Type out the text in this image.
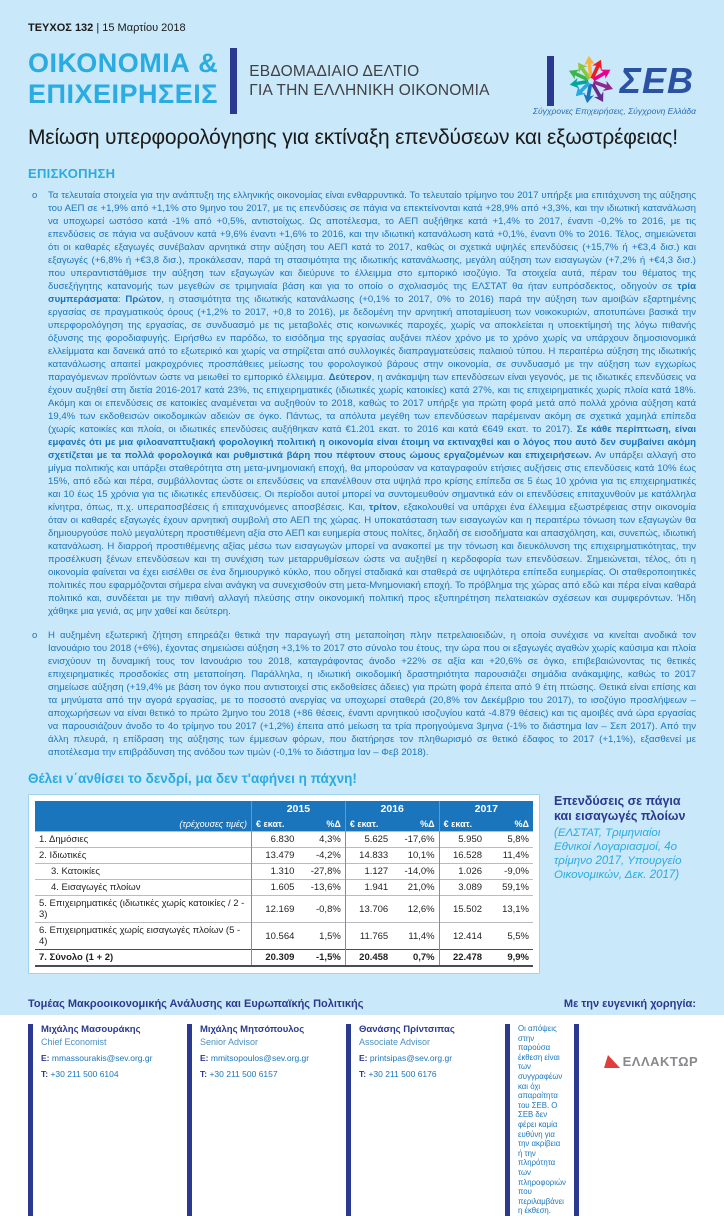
ΤΕΥΧΟΣ 132 | 15 Μαρτίου 2018
ΟΙΚΟΝΟΜΙΑ &
ΕΠΙΧΕΙΡΗΣΕΙΣ
ΕΒΔΟΜΑΔΙΑΙΟ ΔΕΛΤΙΟ
ΓΙΑ ΤΗΝ ΕΛΛΗΝΙΚΗ ΟΙΚΟΝΟΜΙΑ	ΣΕΒ
Σύγχρονες Επιχειρήσεις, Σύγχρονη Ελλάδα
Μείωση υπερφορολόγησης για εκτίναξη επενδύσεων και εξωστρέφειας!
ΕΠΙΣΚΟΠΗΣΗ
o	Τα τελευταία στοιχεία για την ανάπτυξη της ελληνικής οικονομίας είναι ενθαρρυντικά. Το τελευταίο τρίμηνο του 2017 υπήρξε μια επιτάχυνση της αύξησης του ΑΕΠ σε +1,9% από +1,1% στο 9μηνο του 2017, με τις επενδύσεις σε πάγια να επεκτείνονται κατά +28,9% από +3,3%, και την ιδιωτική κατανάλωση να υποχωρεί ωστόσο κατά -1% από +0,5%, αντιστοίχως. Ως αποτέλεσμα, το ΑΕΠ αυξήθηκε κατά +1,4% το 2017, έναντι -0,2% το 2016, με τις επενδύσεις σε πάγια να αυξάνουν κατά +9,6% έναντι +1,6% το 2016, και την ιδιωτική κατανάλωση κατά +0,1%, έναντι 0% το 2016. Τέλος, σημειώνεται ότι οι καθαρές εξαγωγές συνέβαλαν αρνητικά στην αύξηση του ΑΕΠ κατά το 2017, καθώς οι σχετικά υψηλές επενδύσεις (+15,7% ή +€3,4 δισ.) και εξαγωγές (+6,8% ή +€3,8 δισ.), προκάλεσαν, παρά τη στασιμότητα της ιδιωτικής κατανάλωσης, μεγάλη αύξηση των εισαγωγών (+7,2% ή +€4,3 δισ.) που υπεραντιστάθμισε την αύξηση των εξαγωγών και διεύρυνε το έλλειμμα στο εμπορικό ισοζύγιο. Τα στοιχεία αυτά, πέραν του θέματος της δυσεξήγητης κατανομής των μεγεθών σε τριμηνιαία βάση και για το οποίο ο σχολιασμός της ΕΛΣΤΑΤ θα ήταν ευπρόσδεκτος, οδηγούν σε τρία συμπεράσματα: Πρώτον, η στασιμότητα της ιδιωτικής κατανάλωσης (+0,1% το 2017, 0% το 2016) παρά την αύξηση των αμοιβών εξαρτημένης εργασίας σε πραγματικούς όρους (+1,2% το 2017, +0,8 το 2016), με δεδομένη την αρνητική αποταμίευση των νοικοκυριών, αποτυπώνει βασικά την υπερφορολόγηση της εργασίας, σε συνδυασμό με τις μεταβολές στις κοινωνικές παροχές, χωρίς να αποκλείεται η υποεκτίμησή της λόγω πιθανής όξυνσης της φοροδιαφυγής. Ειρήσθω εν παρόδω, το εισόδημα της εργασίας αυξάνει πλέον χρόνο με το χρόνο χωρίς να υπάρχουν δημοσιονομικά ελλείμματα και δανεικά από το εξωτερικό και χωρίς να στηρίζεται από συλλογικές διαπραγματεύσεις παλαιού τύπου. Η περαιτέρω αύξηση της ιδιωτικής κατανάλωσης απαιτεί μακροχρόνιες προσπάθειες μείωσης του φορολογικού βάρους στην οικονομία, σε συνδυασμό με την αύξηση των εγχωρίως παραγόμενων προϊόντων ώστε να μειωθεί το εμπορικό έλλειμμα. Δεύτερον, η ανάκαμψη των επενδύσεων είναι γεγονός, με τις ιδιωτικές επενδύσεις να έχουν αυξηθεί στη διετία 2016-2017 κατά 23%, τις επιχειρηματικές (ιδιωτικές χωρίς κατοικίες) κατά 27%, και τις επιχειρηματικές χωρίς πλοία κατά 18%. Ακόμη και οι επενδύσεις σε κατοικίες αναμένεται να αυξηθούν το 2018, καθώς το 2017 υπήρξε για πρώτη φορά μετά από πολλά χρόνια αύξηση κατά 19,4% των εκδοθεισών οικοδομικών αδειών σε όγκο. Πάντως, τα απόλυτα μεγέθη των επενδύσεων παρέμειναν ακόμη σε σχετικά χαμηλά επίπεδα (χωρίς κατοικίες και πλοία, οι ιδιωτικές επενδύσεις αυξήθηκαν κατά €1.201 εκατ. το 2016 και κατά €649 εκατ. το 2017). Σε κάθε περίπτωση, είναι εμφανές ότι με μια φιλοαναπτυξιακή φορολογική πολιτική η οικονομία είναι έτοιμη να εκτιναχθεί και ο λόγος που αυτό δεν συμβαίνει ακόμη σχετίζεται με τα πολλά φορολογικά και ρυθμιστικά βάρη που πέφτουν στους ώμους εργαζομένων και επιχειρήσεων. Αν υπάρξει αλλαγή στο μίγμα πολιτικής και υπάρξει σταθερότητα στη μετα-μνημονιακή εποχή, θα μπορούσαν να καταγραφούν ετήσιες αυξήσεις στις επενδύσεις κατά 10% έως 15%, από εδώ και πέρα, συμβάλλοντας ώστε οι επενδύσεις να επανέλθουν στα υψηλά προ κρίσης επίπεδα σε 5 έως 10 χρόνια για τις επιχειρηματικές και 10 έως 15 χρόνια για τις ιδιωτικές επενδύσεις. Οι περίοδοι αυτοί μπορεί να συντομευθούν σημαντικά εάν οι επενδύσεις επιταχυνθούν με κατάλληλα κίνητρα, όπως, π.χ. υπεραποσβέσεις ή επιταχυνόμενες αποσβέσεις. Και, τρίτον, εξακολουθεί να υπάρχει ένα έλλειμμα εξωστρέφειας στην οικονομία όταν οι καθαρές εξαγωγές έχουν αρνητική συμβολή στο ΑΕΠ της χώρας. Η υποκατάσταση των εισαγωγών και η περαιτέρω τόνωση των εξαγωγών θα δημιουργούσε πολύ μεγαλύτερη προστιθέμενη αξία στο ΑΕΠ και ευημερία στους πολίτες, δηλαδή σε εισοδήματα και απασχόληση, και, συνεπώς, ιδιωτική κατανάλωση. Η διαρροή προστιθέμενης αξίας μέσω των εισαγωγών μπορεί να ανακοπεί με την τόνωση και διευκόλυνση της επιχειρηματικότητας, την προσέλκυση ξένων επενδύσεων και τη συνέχιση των μεταρρυθμίσεων ώστε να αυξηθεί η κερδοφορία των επενδύσεων. Σημειώνεται, τέλος, ότι η οικονομία φαίνεται να έχει εισέλθει σε ένα δημιουργικό κύκλο, που οδηγεί σταδιακά και σταθερά σε υψηλότερα επίπεδα ευημερίας. Οι σταθεροποιητικές πολιτικές που εφαρμόζονται σήμερα είναι ανάγκη να συνεχισθούν στη μετα-Μνημονιακή εποχή. Το πρόβλημα της χώρας από εδώ και πέρα είναι καθαρά πολιτικό και, συνδέεται με την πιθανή αλλαγή πλεύσης στην οικονομική πολιτική προς εξυπηρέτηση πελατειακών σχέσεων και συμφερόντων. Ήδη χάθηκε μια γενιά, ας μην χαθεί και δεύτερη.
o	Η αυξημένη εξωτερική ζήτηση επηρεάζει θετικά την παραγωγή στη μεταποίηση πλην πετρελαιοειδών, η οποία συνέχισε να κινείται ανοδικά τον Ιανουάριο του 2018 (+6%), έχοντας σημειώσει αύξηση +3,1% το 2017 στο σύνολο του έτους, την ώρα που οι εξαγωγές αγαθών χωρίς καύσιμα και πλοία ενισχύουν τη δυναμική τους τον Ιανουάριο του 2018, καταγράφοντας άνοδο +22% σε αξία και +20,6% σε όγκο, επιβεβαιώνοντας τις θετικές επιχειρηματικές προσδοκίες στη μεταποίηση. Παράλληλα, η ιδιωτική οικοδομική δραστηριότητα παρουσιάζει σημάδια ανάκαμψης, καθώς το 2017 σημείωσε αύξηση (+19,4% με βάση τον όγκο που αντιστοιχεί στις εκδοθείσες άδειες) για πρώτη φορά έπειτα από 9 έτη πτώσης. Θετικά είναι επίσης και τα μηνύματα από την αγορά εργασίας, με το ποσοστό ανεργίας να υποχωρεί σταθερά (20,8% τον Δεκέμβριο του 2017), το ισοζύγιο προσλήψεων – αποχωρήσεων να είναι θετικό το πρώτο 2μηνο του 2018 (+86 θέσεις, έναντι αρνητικού ισοζυγίου κατά -4.879 θέσεις) και τις αμοιβές ανά ώρα εργασίας να παρουσιάζουν άνοδο το 4ο τρίμηνο του 2017 (+1,2%) έπειτα από μείωση τα τρία προηγούμενα 3μηνα (-1% το διάστημα Ιαν – Σεπ 2017). Από την άλλη πλευρά, η επίδραση της αύξησης των έμμεσων φόρων, που διατήρησε τον πληθωρισμό σε θετικό έδαφος το 2017 (+1,1%), εξασθενεί με αποτέλεσμα την επιβράδυνση της ανόδου των τιμών (-0,1% το διάστημα Ιαν – Φεβ 2018).
Θέλει ν΄ανθίσει το δενδρί, μα δεν τ'αφήνει η πάχνη!
	2015		2016		2017	
(τρέχουσες τιμές)	€ εκατ.	%Δ	€ εκατ.	%Δ	€ εκατ.	%Δ
1. Δημόσιες	6.830	4,3%	5.625	-17,6%	5.950	5,8%
2. Ιδιωτικές	13.479	-4,2%	14.833	10,1%	16.528	11,4%
3. Κατοικίες	1.310	-27,8%	1.127	-14,0%	1.026	-9,0%
4. Εισαγωγές πλοίων	1.605	-13,6%	1.941	21,0%	3.089	59,1%
5. Επιχειρηματικές (ιδιωτικές χωρίς κατοικίες / 2 - 3)	12.169	-0,8%	13.706	12,6%	15.502	13,1%
6. Επιχειρηματικές χωρίς εισαγωγές πλοίων (5 - 4)	10.564	1,5%	11.765	11,4%	12.414	5,5%
7. Σύνολο (1 + 2)	20.309	-1,5%	20.458	0,7%	22.478	9,9%
Επενδύσεις σε πάγια και εισαγωγές πλοίων
(ΕΛΣΤΑΤ, Τριμηνιαίοι Εθνικοί Λογαριασμοί, 4ο τρίμηνο 2017, Υπουργείο Οικονομικών, Δεκ. 2017)
Τομέας Μακροοικονομικής Ανάλυσης και Ευρωπαϊκής Πολιτικής	Με την ευγενική χορηγία:
Μιχάλης Μασουράκης
Chief Economist
E: mmassourakis@sev.org.gr
T: +30 211 500 6104
Μιχάλης Μητσόπουλος
Senior Advisor
E: mmitsopoulos@sev.org.gr
T: +30 211 500 6157
Θανάσης Πρίντσιπας
Associate Advisor
E: printsipas@sev.org.gr
T: +30 211 500 6176
Οι απόψεις στην παρούσα έκθεση είναι των συγγραφέων και όχι απαραίτητα του ΣΕΒ. Ο ΣΕΒ δεν φέρει καμία ευθύνη για την ακρίβεια ή την πληρότητα των πληροφοριών που περιλαμβάνει η έκθεση.
ΕΛΛΑΚΤΩΡ
